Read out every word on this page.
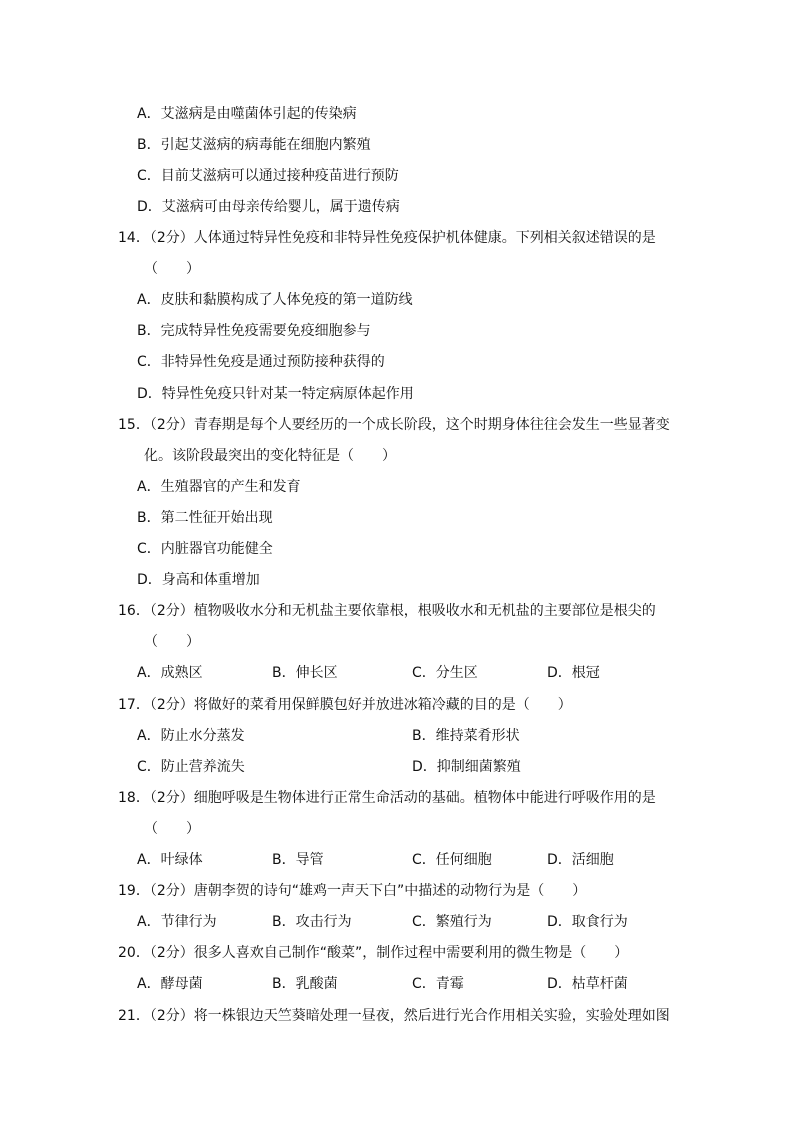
A．艾滋病是由噬菌体引起的传染病
B．引起艾滋病的病毒能在细胞内繁殖
C．目前艾滋病可以通过接种疫苗进行预防
D．艾滋病可由母亲传给婴儿，属于遗传病
14．（2分）人体通过特异性免疫和非特异性免疫保护机体健康。下列相关叙述错误的是
（　　）
A．皮肤和黏膜构成了人体免疫的第一道防线
B．完成特异性免疫需要免疫细胞参与
C．非特异性免疫是通过预防接种获得的
D．特异性免疫只针对某一特定病原体起作用
15．（2分）青春期是每个人要经历的一个成长阶段，这个时期身体往往会发生一些显著变
化。该阶段最突出的变化特征是（　　）
A．生殖器官的产生和发育
B．第二性征开始出现
C．内脏器官功能健全
D．身高和体重增加
16．（2分）植物吸收水分和无机盐主要依靠根，根吸收水和无机盐的主要部位是根尖的
（　　）
A．成熟区	B．伸长区	C．分生区	D．根冠
17．（2分）将做好的菜肴用保鲜膜包好并放进冰箱冷藏的目的是（　　）
A．防止水分蒸发	B．维持菜肴形状
C．防止营养流失	D．抑制细菌繁殖
18．（2分）细胞呼吸是生物体进行正常生命活动的基础。植物体中能进行呼吸作用的是
（　　）
A．叶绿体	B．导管	C．任何细胞	D．活细胞
19．（2分）唐朝李贺的诗句“雄鸡一声天下白”中描述的动物行为是（　　）
A．节律行为	B．攻击行为	C．繁殖行为	D．取食行为
20．（2分）很多人喜欢自己制作“酸菜”，制作过程中需要利用的微生物是（　　）
A．酵母菌	B．乳酸菌	C．青霉	D．枯草杆菌
21．（2分）将一株银边天竺葵暗处理一昼夜，然后进行光合作用相关实验，实验处理如图
